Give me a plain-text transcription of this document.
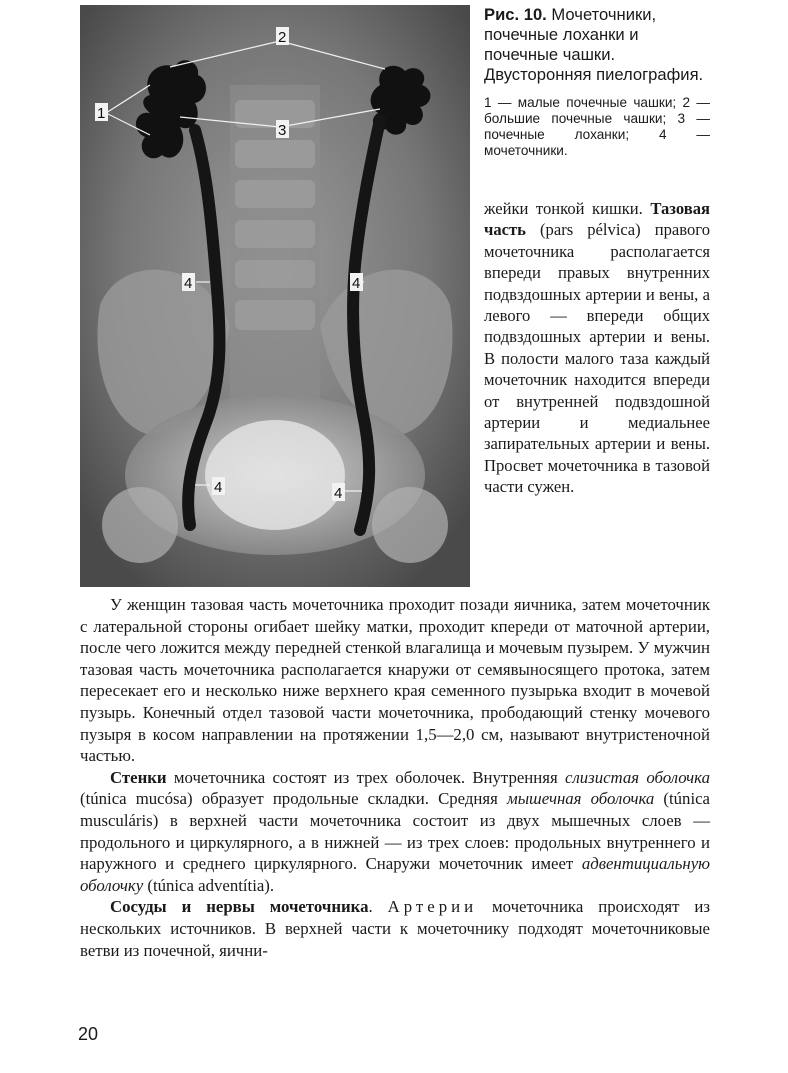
1
2
3
4	4
4	4

Рис. 10. Мочеточники, почечные лоханки и почечные чашки. Двусторонняя пиелография.

1 — малые почечные чашки; 2 — большие почечные чашки; 3 — почечные лоханки; 4 — мочеточники.

жейки тонкой кишки. Тазовая часть (pars pélvica) правого мочеточника располагается впереди правых внутренних подвздошных артерии и вены, а левого — впереди общих подвздошных артерии и вены. В полости малого таза каждый мочеточник находится впереди от внутренней подвздошной артерии и медиальнее запирательных артерии и вены. Просвет мочеточника в тазовой части сужен.

У женщин тазовая часть мочеточника проходит позади яичника, затем мочеточник с латеральной стороны огибает шейку матки, проходит кпереди от маточной артерии, после чего ложится между передней стенкой влагалища и мочевым пузырем. У мужчин тазовая часть мочеточника располагается кнаружи от семявыносящего протока, затем пересекает его и несколько ниже верхнего края семенного пузырька входит в мочевой пузырь. Конечный отдел тазовой части мочеточника, прободающий стенку мочевого пузыря в косом направлении на протяжении 1,5—2,0 см, называют внутристеночной частью.

Стенки мочеточника состоят из трех оболочек. Внутренняя слизистая оболочка (túnica mucósa) образует продольные складки. Средняя мышечная оболочка (túnica musculáris) в верхней части мочеточника состоит из двух мышечных слоев — продольного и циркулярного, а в нижней — из трех слоев: продольных внутреннего и наружного и среднего циркулярного. Снаружи мочеточник имеет адвентициальную оболочку (túnica adventítia).

Сосуды и нервы мочеточника. Артерии мочеточника происходят из нескольких источников. В верхней части к мочеточнику подходят мочеточниковые ветви из почечной, яични-

20
